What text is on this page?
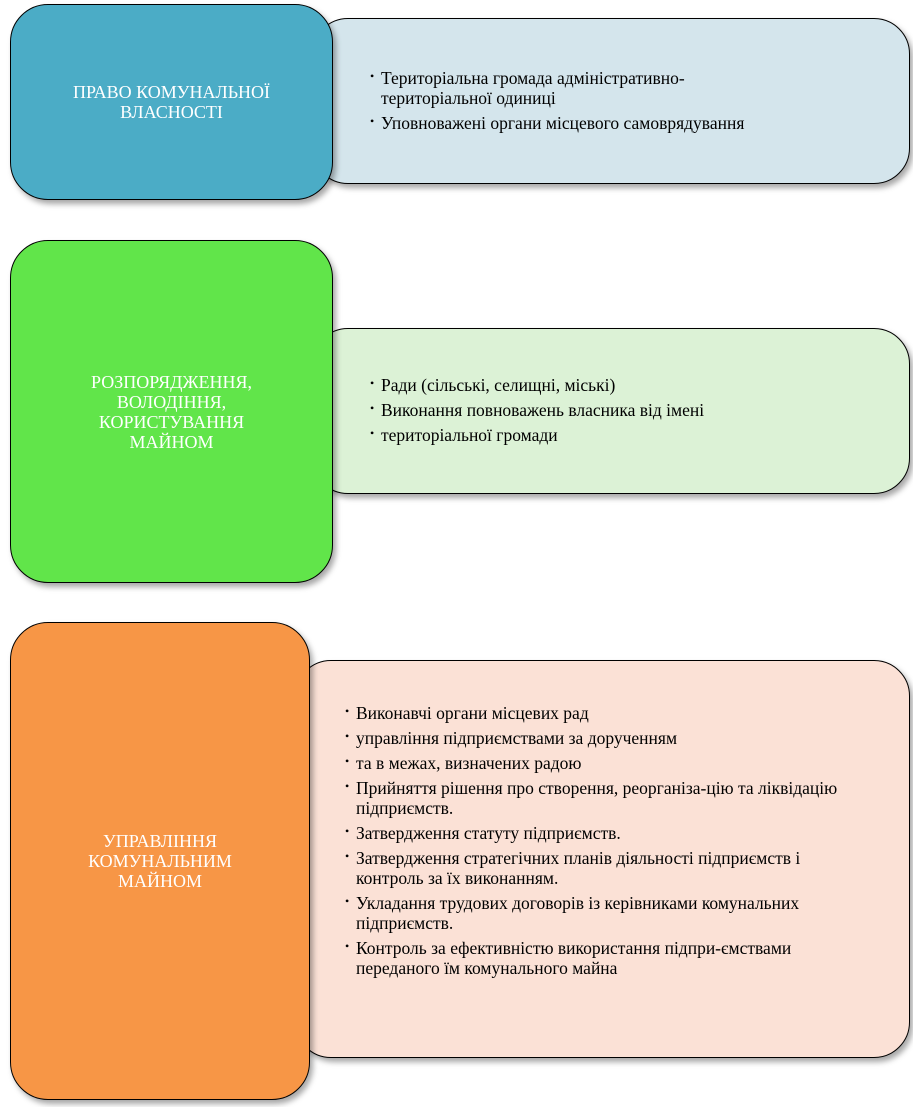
ПРАВО КОМУНАЛЬНОЇ
ВЛАСНОСТІ
• Територіальна громада адміністративно-територіальної одиниці
• Уповноважені органи місцевого самоврядування
РОЗПОРЯДЖЕННЯ,
ВОЛОДІННЯ,
КОРИСТУВАННЯ
МАЙНОМ
• Ради (сільські, селищні, міські)
• Виконання повноважень власника від імені
• територіальної громади
УПРАВЛІННЯ
КОМУНАЛЬНИМ
МАЙНОМ
• Виконавчі органи місцевих рад
• управління підприємствами за дорученням
• та в межах, визначених радою
• Прийняття рішення про створення, реорганіза-цію та ліквідацію підприємств.
• Затвердження статуту підприємств.
• Затвердження стратегічних планів діяльності підприємств і контроль за їх виконанням.
• Укладання трудових договорів із керівниками комунальних підприємств.
• Контроль за ефективністю використання підпри-ємствами переданого їм комунального майна
